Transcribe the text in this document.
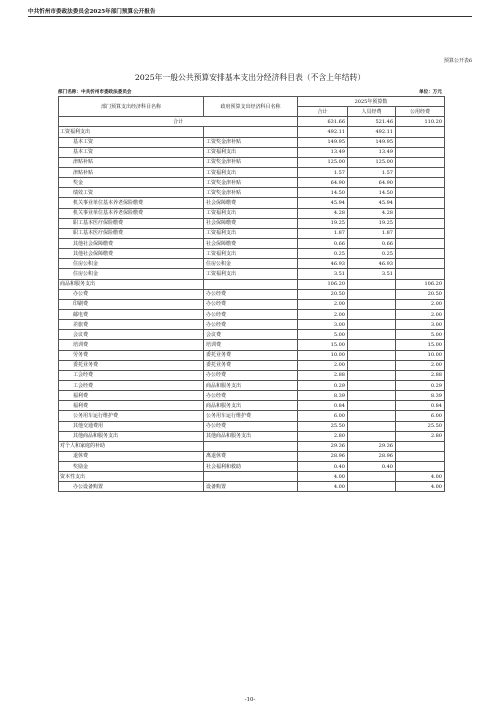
中共忻州市委政法委员会2025年部门预算公开报告
预算公开表6
2025年一般公共预算安排基本支出分经济科目表（不含上年结转）
部门名称：中共忻州市委政法委员会	单位：万元
部门预算支出经济科目名称	政府预算支出经济科目名称	2025年预算数		
		合计	人员经费	公用经费
合计		631.66	521.46	110.20
工资福利支出		492.11	492.11	
基本工资	工资奖金津补贴	149.95	149.95	
基本工资	工资福利支出	13.49	13.49	
津贴补贴	工资奖金津补贴	125.00	125.00	
津贴补贴	工资福利支出	1.57	1.57	
奖金	工资奖金津补贴	64.90	64.90	
绩效工资	工资奖金津补贴	14.50	14.50	
机关事业单位基本养老保险缴费	社会保障缴费	45.94	45.94	
机关事业单位基本养老保险缴费	工资福利支出	4.28	4.28	
职工基本医疗保险缴费	社会保障缴费	19.25	19.25	
职工基本医疗保险缴费	工资福利支出	1.87	1.87	
其他社会保障缴费	社会保障缴费	0.66	0.66	
其他社会保障缴费	工资福利支出	0.25	0.25	
住房公积金	住房公积金	46.93	46.93	
住房公积金	工资福利支出	3.51	3.51	
商品和服务支出		106.20		106.20
办公费	办公经费	20.50		20.50
印刷费	办公经费	2.00		2.00
邮电费	办公经费	2.00		2.00
差旅费	办公经费	3.00		3.00
会议费	会议费	5.00		5.00
培训费	培训费	15.00		15.00
劳务费	委托业务费	10.00		10.00
委托业务费	委托业务费	2.00		2.00
工会经费	办公经费	2.88		2.88
工会经费	商品和服务支出	0.29		0.29
福利费	办公经费	8.39		8.39
福利费	商品和服务支出	0.84		0.84
公务用车运行维护费	公务用车运行维护费	6.00		6.00
其他交通费用	办公经费	25.50		25.50
其他商品和服务支出	其他商品和服务支出	2.80		2.80
对个人和家庭的补助		29.36	29.36	
退休费	离退休费	28.96	28.96	
奖励金	社会福利和救助	0.40	0.40	
资本性支出		4.00		4.00
办公设备购置	设备购置	4.00		4.00
-10-
